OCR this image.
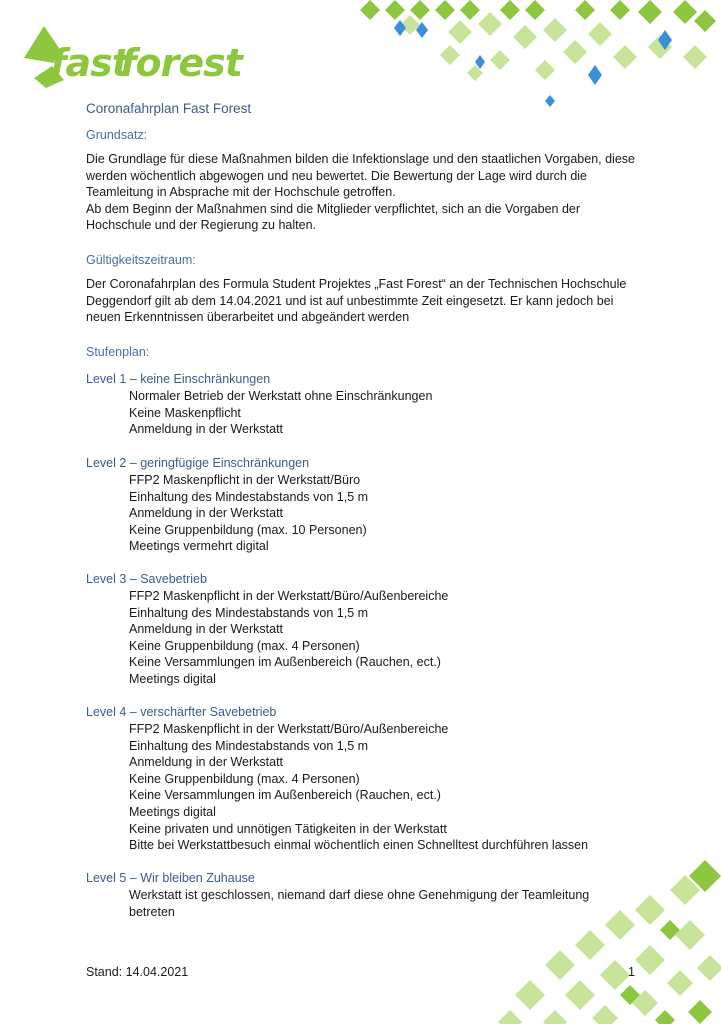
fast
forest
Coronafahrplan Fast Forest
Grundsatz:

Die Grundlage für diese Maßnahmen bilden die Infektionslage und den staatlichen Vorgaben, diese
werden wöchentlich abgewogen und neu bewertet. Die Bewertung der Lage wird durch die
Teamleitung in Absprache mit der Hochschule getroffen.
Ab dem Beginn der Maßnahmen sind die Mitglieder verpflichtet, sich an die Vorgaben der
Hochschule und der Regierung zu halten.

Gültigkeitszeitraum:

Der Coronafahrplan des Formula Student Projektes „Fast Forest“ an der Technischen Hochschule
Deggendorf gilt ab dem 14.04.2021 und ist auf unbestimmte Zeit eingesetzt. Er kann jedoch bei
neuen Erkenntnissen überarbeitet und abgeändert werden

Stufenplan:
Level 1 – keine Einschränkungen
Normaler Betrieb der Werkstatt ohne Einschränkungen
Keine Maskenpflicht
Anmeldung in der Werkstatt
Level 2 – geringfügige Einschränkungen
FFP2 Maskenpflicht in der Werkstatt/Büro
Einhaltung des Mindestabstands von 1,5 m
Anmeldung in der Werkstatt
Keine Gruppenbildung (max. 10 Personen)
Meetings vermehrt digital
Level 3 – Savebetrieb
FFP2 Maskenpflicht in der Werkstatt/Büro/Außenbereiche
Einhaltung des Mindestabstands von 1,5 m
Anmeldung in der Werkstatt
Keine Gruppenbildung (max. 4 Personen)
Keine Versammlungen im Außenbereich (Rauchen, ect.)
Meetings digital
Level 4 – verschärfter Savebetrieb
FFP2 Maskenpflicht in der Werkstatt/Büro/Außenbereiche
Einhaltung des Mindestabstands von 1,5 m
Anmeldung in der Werkstatt
Keine Gruppenbildung (max. 4 Personen)
Keine Versammlungen im Außenbereich (Rauchen, ect.)
Meetings digital
Keine privaten und unnötigen Tätigkeiten in der Werkstatt
Bitte bei Werkstattbesuch einmal wöchentlich einen Schnelltest durchführen lassen
Level 5 – Wir bleiben Zuhause
Werkstatt ist geschlossen, niemand darf diese ohne Genehmigung der Teamleitung
betreten
Stand: 14.04.2021	1
